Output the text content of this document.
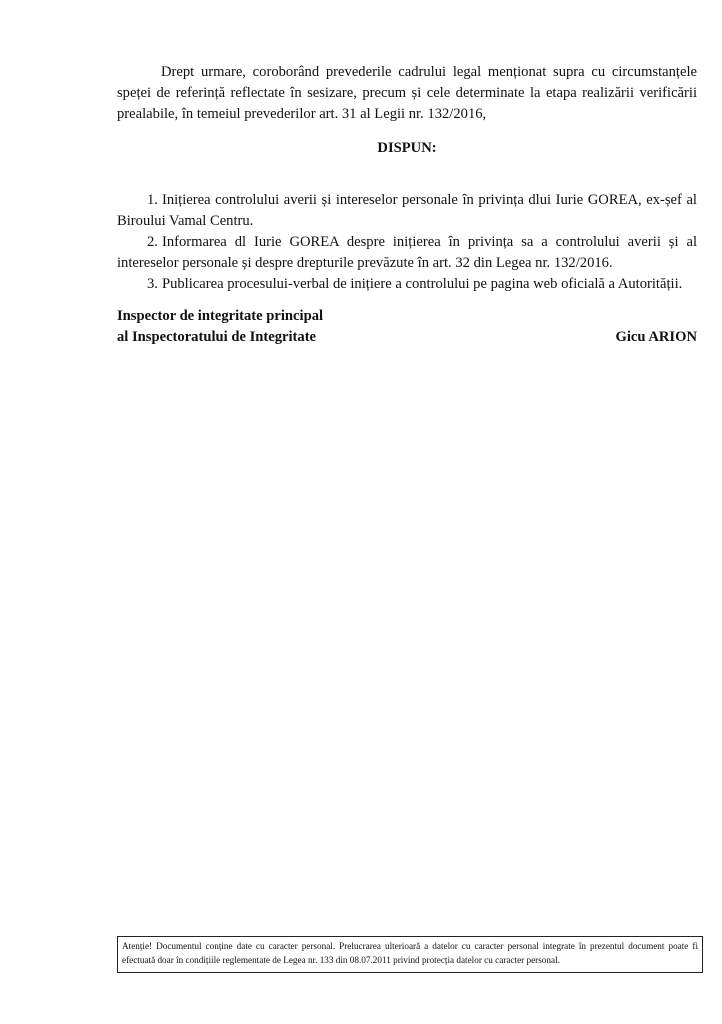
Drept urmare, coroborând prevederile cadrului legal menționat supra cu circumstanțele speței de referință reflectate în sesizare, precum și cele determinate la etapa realizării verificării prealabile, în temeiul prevederilor art. 31 al Legii nr. 132/2016,

DISPUN:

1. Inițierea controlului averii și intereselor personale în privința dlui Iurie GOREA, ex-șef al Biroului Vamal Centru.

2. Informarea dl Iurie GOREA despre inițierea în privința sa a controlului averii și al intereselor personale și despre drepturile prevăzute în art. 32 din Legea nr. 132/2016.

3. Publicarea procesului-verbal de inițiere a controlului pe pagina web oficială a Autorității.

Inspector de integritate principal
al Inspectoratului de Integritate	Gicu ARION
Atenție! Documentul conține date cu caracter personal. Prelucrarea ulterioară a datelor cu caracter personal integrate în prezentul document poate fi efectuată doar în condițiile reglementate de Legea nr. 133 din 08.07.2011 privind protecția datelor cu caracter personal.
